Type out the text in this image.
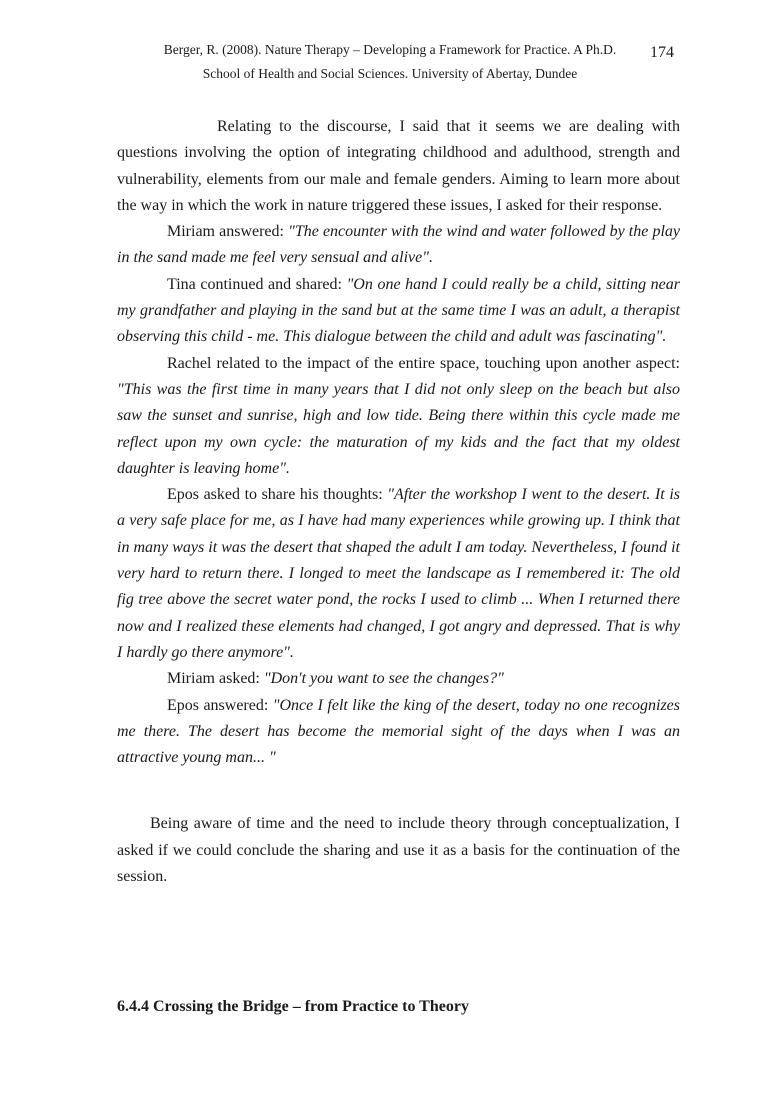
Berger, R. (2008). Nature Therapy – Developing a Framework for Practice. A Ph.D.
School of Health and Social Sciences. University of Abertay, Dundee
174

Relating to the discourse, I said that it seems we are dealing with questions involving the option of integrating childhood and adulthood, strength and vulnerability, elements from our male and female genders. Aiming to learn more about the way in which the work in nature triggered these issues, I asked for their response.

Miriam answered: "The encounter with the wind and water followed by the play in the sand made me feel very sensual and alive".

Tina continued and shared: "On one hand I could really be a child, sitting near my grandfather and playing in the sand but at the same time I was an adult, a therapist observing this child - me. This dialogue between the child and adult was fascinating".

Rachel related to the impact of the entire space, touching upon another aspect: "This was the first time in many years that I did not only sleep on the beach but also saw the sunset and sunrise, high and low tide. Being there within this cycle made me reflect upon my own cycle: the maturation of my kids and the fact that my oldest daughter is leaving home".

Epos asked to share his thoughts: "After the workshop I went to the desert. It is a very safe place for me, as I have had many experiences while growing up. I think that in many ways it was the desert that shaped the adult I am today. Nevertheless, I found it very hard to return there. I longed to meet the landscape as I remembered it: The old fig tree above the secret water pond, the rocks I used to climb ... When I returned there now and I realized these elements had changed, I got angry and depressed. That is why I hardly go there anymore".

Miriam asked: "Don't you want to see the changes?"

Epos answered: "Once I felt like the king of the desert, today no one recognizes me there. The desert has become the memorial sight of the days when I was an attractive young man... "

Being aware of time and the need to include theory through conceptualization, I asked if we could conclude the sharing and use it as a basis for the continuation of the session.

6.4.4 Crossing the Bridge – from Practice to Theory
